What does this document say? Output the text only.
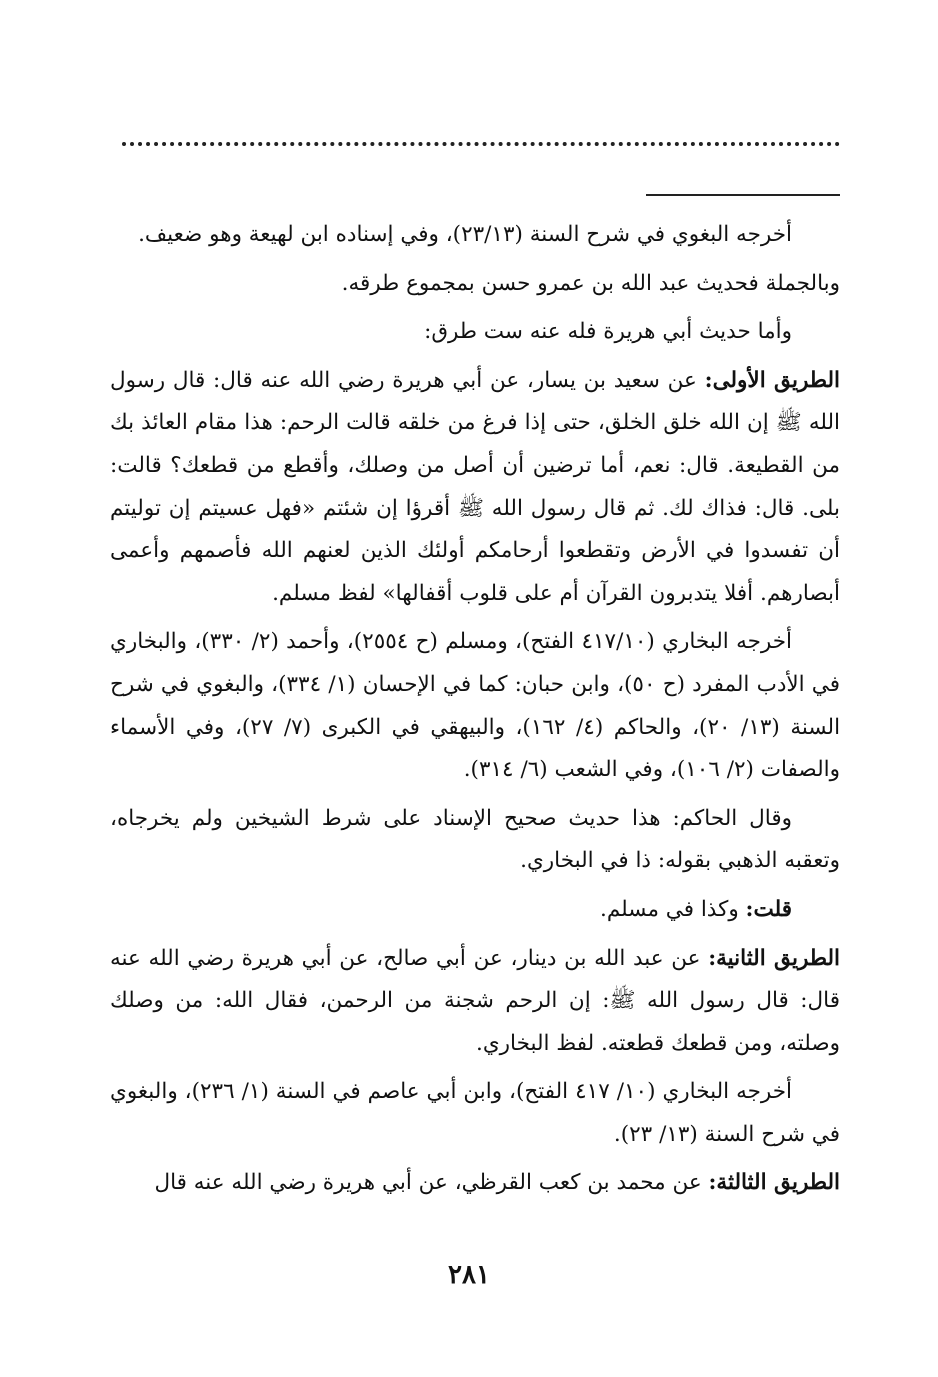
أخرجه البغوي في شرح السنة (٢٣/١٣)، وفي إسناده ابن لهيعة وهو ضعيف.

وبالجملة فحديث عبد الله بن عمرو حسن بمجموع طرقه.

وأما حديث أبي هريرة فله عنه ست طرق:

الطريق الأولى: عن سعيد بن يسار، عن أبي هريرة رضي الله عنه قال: قال رسول الله ﷺ إن الله خلق الخلق، حتى إذا فرغ من خلقه قالت الرحم: هذا مقام العائذ بك من القطيعة. قال: نعم، أما ترضين أن أصل من وصلك، وأقطع من قطعك؟ قالت: بلى. قال: فذاك لك. ثم قال رسول الله ﷺ أقرؤا إن شئتم «فهل عسيتم إن توليتم أن تفسدوا في الأرض وتقطعوا أرحامكم أولئك الذين لعنهم الله فأصمهم وأعمى أبصارهم. أفلا يتدبرون القرآن أم على قلوب أقفالها» لفظ مسلم.

أخرجه البخاري (٤١٧/١٠ الفتح)، ومسلم (ح ٢٥٥٤)، وأحمد (٢/ ٣٣٠)، والبخاري في الأدب المفرد (ح ٥٠)، وابن حبان: كما في الإحسان (١/ ٣٣٤)، والبغوي في شرح السنة (١٣/ ٢٠)، والحاكم (٤/ ١٦٢)، والبيهقي في الكبرى (٧/ ٢٧)، وفي الأسماء والصفات (٢/ ١٠٦)، وفي الشعب (٦/ ٣١٤).

وقال الحاكم: هذا حديث صحيح الإسناد على شرط الشيخين ولم يخرجاه، وتعقبه الذهبي بقوله: ذا في البخاري.

قلت: وكذا في مسلم.

الطريق الثانية: عن عبد الله بن دينار، عن أبي صالح، عن أبي هريرة رضي الله عنه قال: قال رسول الله ﷺ: إن الرحم شجنة من الرحمن، فقال الله: من وصلك وصلته، ومن قطعك قطعته. لفظ البخاري.

أخرجه البخاري (١٠/ ٤١٧ الفتح)، وابن أبي عاصم في السنة (١/ ٢٣٦)، والبغوي في شرح السنة (١٣/ ٢٣).

الطريق الثالثة: عن محمد بن كعب القرظي، عن أبي هريرة رضي الله عنه قال

٢٨١
